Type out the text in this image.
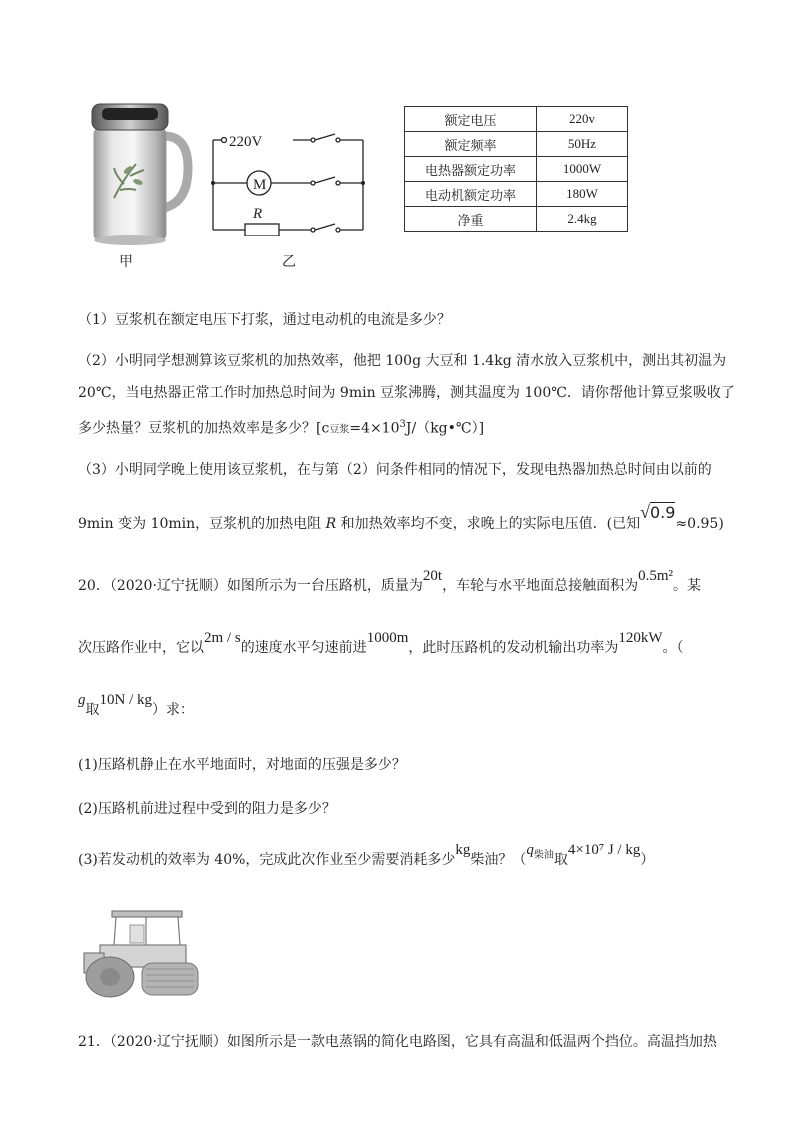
甲
220V
M
R
乙
额定电压	220v
额定频率	50Hz
电热器额定功率	1000W
电动机额定功率	180W
净重	2.4kg
（1）豆浆机在额定电压下打浆，通过电动机的电流是多少？
（2）小明同学想测算该豆浆机的加热效率，他把 100g 大豆和 1.4kg 清水放入豆浆机中，测出其初温为
20℃，当电热器正常工作时加热总时间为 9min 豆浆沸腾，测其温度为 100℃．请你帮他计算豆浆吸收了
多少热量？豆浆机的加热效率是多少？[c豆浆$=4\times 10^3J/(kg•℃)$]
（3）小明同学晚上使用该豆浆机，在与第（2）问条件相同的情况下，发现电热器加热总时间由以前的
9min 变为 10min，豆浆机的加热电阻 R 和加热效率均不变，求晚上的实际电压值．(已知√0.9≈0.95)
20．（2020·辽宁抚顺）如图所示为一台压路机，质量为20t，车轮与水平地面总接触面积为0.5m²。某
次压路作业中，它以2m / s的速度水平匀速前进1000m，此时压路机的发动机输出功率为120kW。（
g取10N / kg）求：
(1)压路机静止在水平地面时，对地面的压强是多少？
(2)压路机前进过程中受到的阻力是多少？
(3)若发动机的效率为 40%，完成此次作业至少需要消耗多少kg柴油？（$q^{柴油}$取4×10⁷ J / kg）
21．（2020·辽宁抚顺）如图所示是一款电蒸锅的简化电路图，它具有高温和低温两个挡位。高温挡加热
